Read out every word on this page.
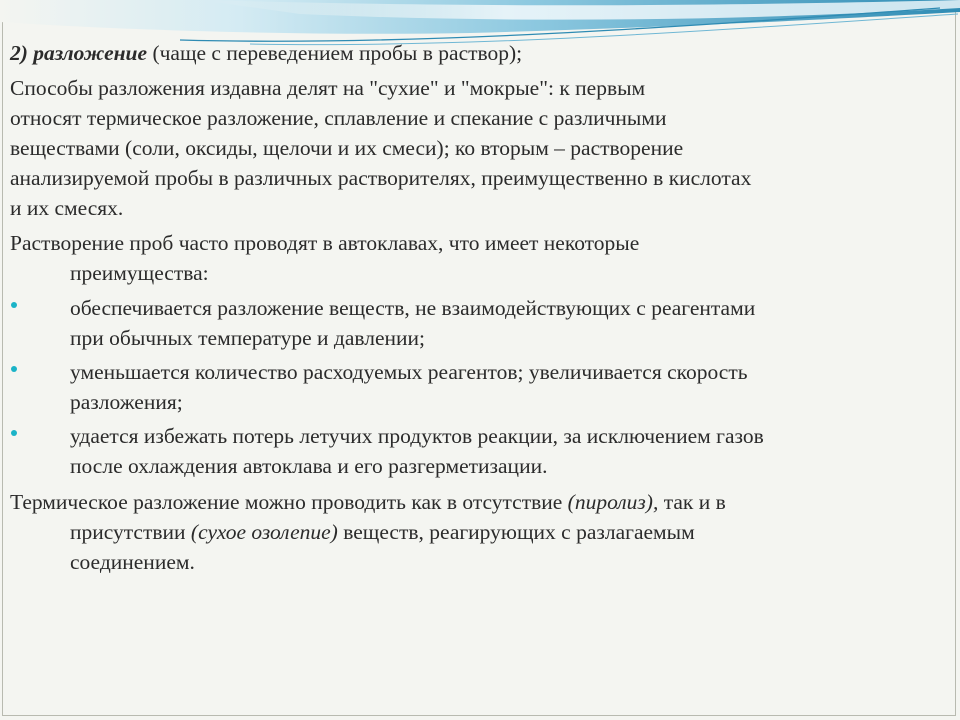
2) разложение (чаще с переведением пробы в раствор);
Способы разложения издавна делят на "сухие" и "мокрые": к первым
относят термическое разложение, сплавление и спекание с различными
веществами (соли, оксиды, щелочи и их смеси); ко вторым – растворение
анализируемой пробы в различных растворителях, преимущественно в кислотах
и их смесях.
Растворение проб часто проводят в автоклавах, что имеет некоторые
преимущества:
обеспечивается разложение веществ, не взаимодействующих с реагентами
при обычных температуре и давлении;
уменьшается количество расходуемых реагентов; увеличивается скорость
разложения;
удается избежать потерь летучих продуктов реакции, за исключением газов
после охлаждения автоклава и его разгерметизации.
Термическое разложение можно проводить как в отсутствие (пиролиз), так и в
присутствии (сухое озолепие) веществ, реагирующих с разлагаемым
соединением.
